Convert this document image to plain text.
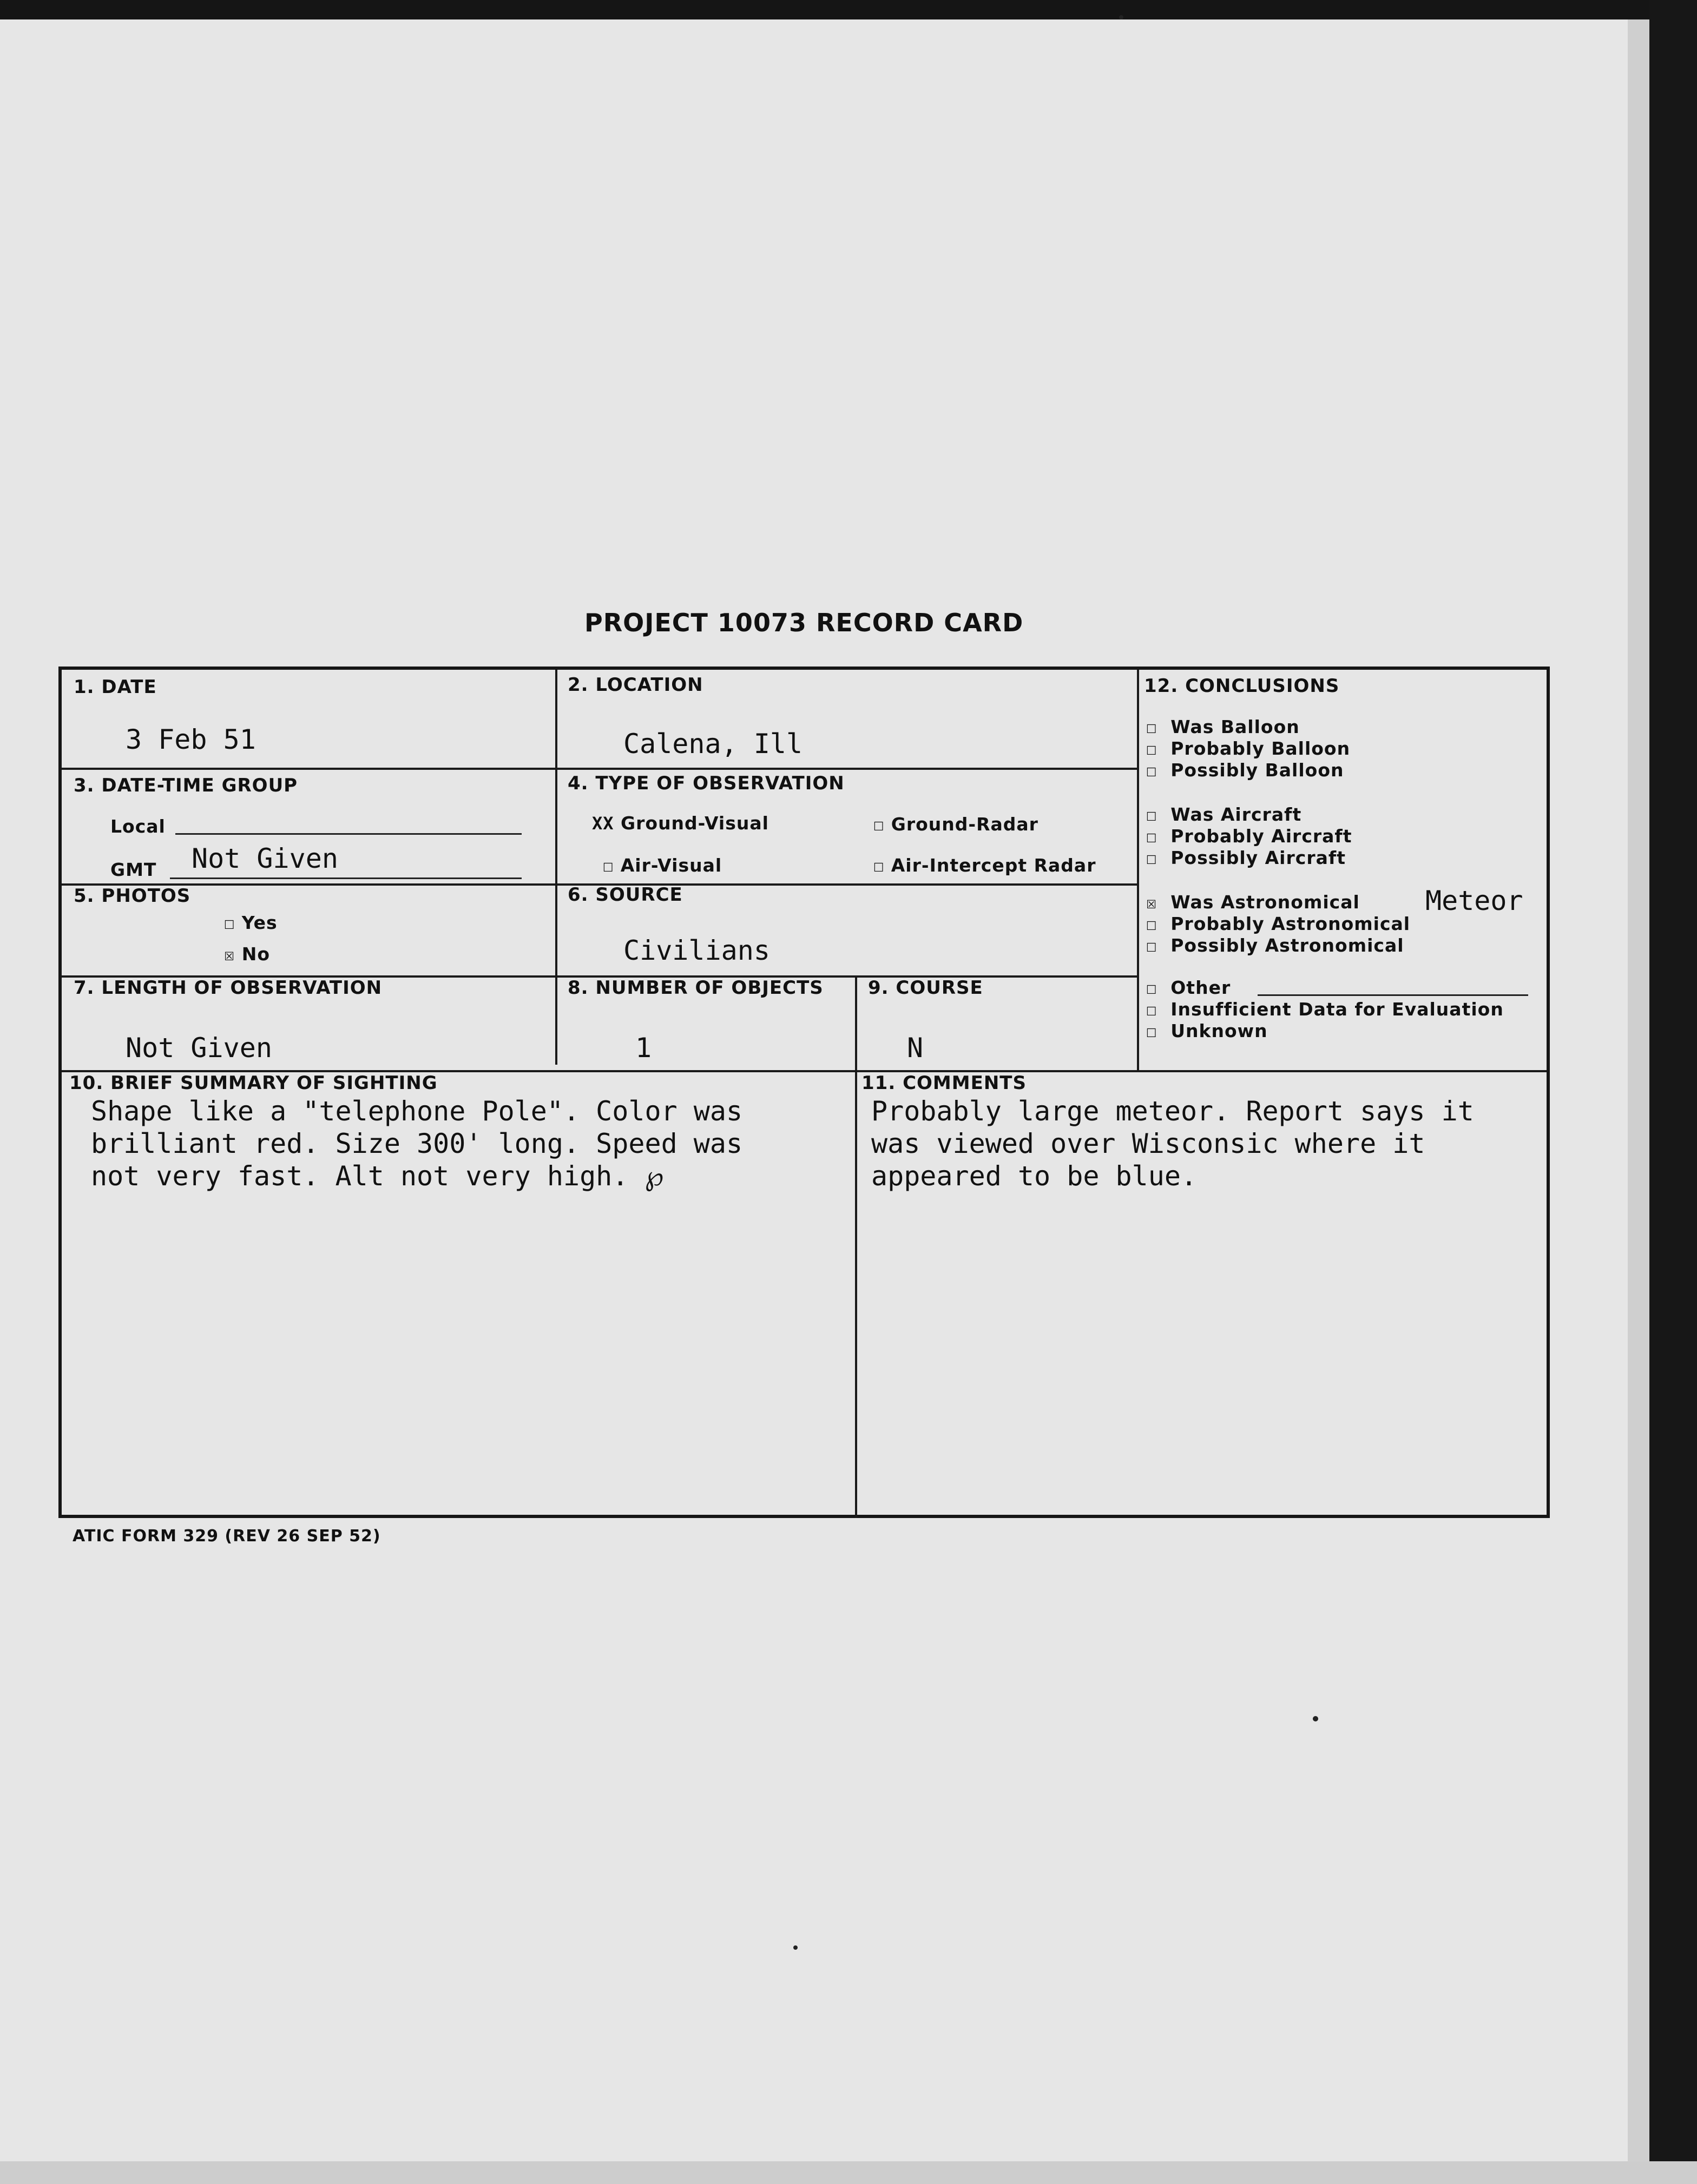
PROJECT 10073 RECORD CARD
1. DATE
3 Feb 51
2. LOCATION
Calena, Ill
3. DATE-TIME GROUP
Local
GMT Not Given
4. TYPE OF OBSERVATION
XX Ground-Visual	☐ Ground-Radar
☐ Air-Visual	☐ Air-Intercept Radar
5. PHOTOS
☐ Yes
☒ No
6. SOURCE
Civilians
7. LENGTH OF OBSERVATION
Not Given
8. NUMBER OF OBJECTS
1
9. COURSE
N
12. CONCLUSIONS
☐ Was Balloon
☐ Probably Balloon
☐ Possibly Balloon
☐ Was Aircraft
☐ Probably Aircraft
☐ Possibly Aircraft
☒ Was Astronomical
☐ Probably Astronomical
☐ Possibly Astronomical
Meteor
☐ Other
☐ Insufficient Data for Evaluation
☐ Unknown
10. BRIEF SUMMARY OF SIGHTING
Shape like a "telephone Pole". Color was
brilliant red. Size 300' long. Speed was
not very fast. Alt not very high. ℘
11. COMMENTS
Probably large meteor. Report says it
was viewed over Wisconsic where it
appeared to be blue.
ATIC FORM 329 (REV 26 SEP 52)
